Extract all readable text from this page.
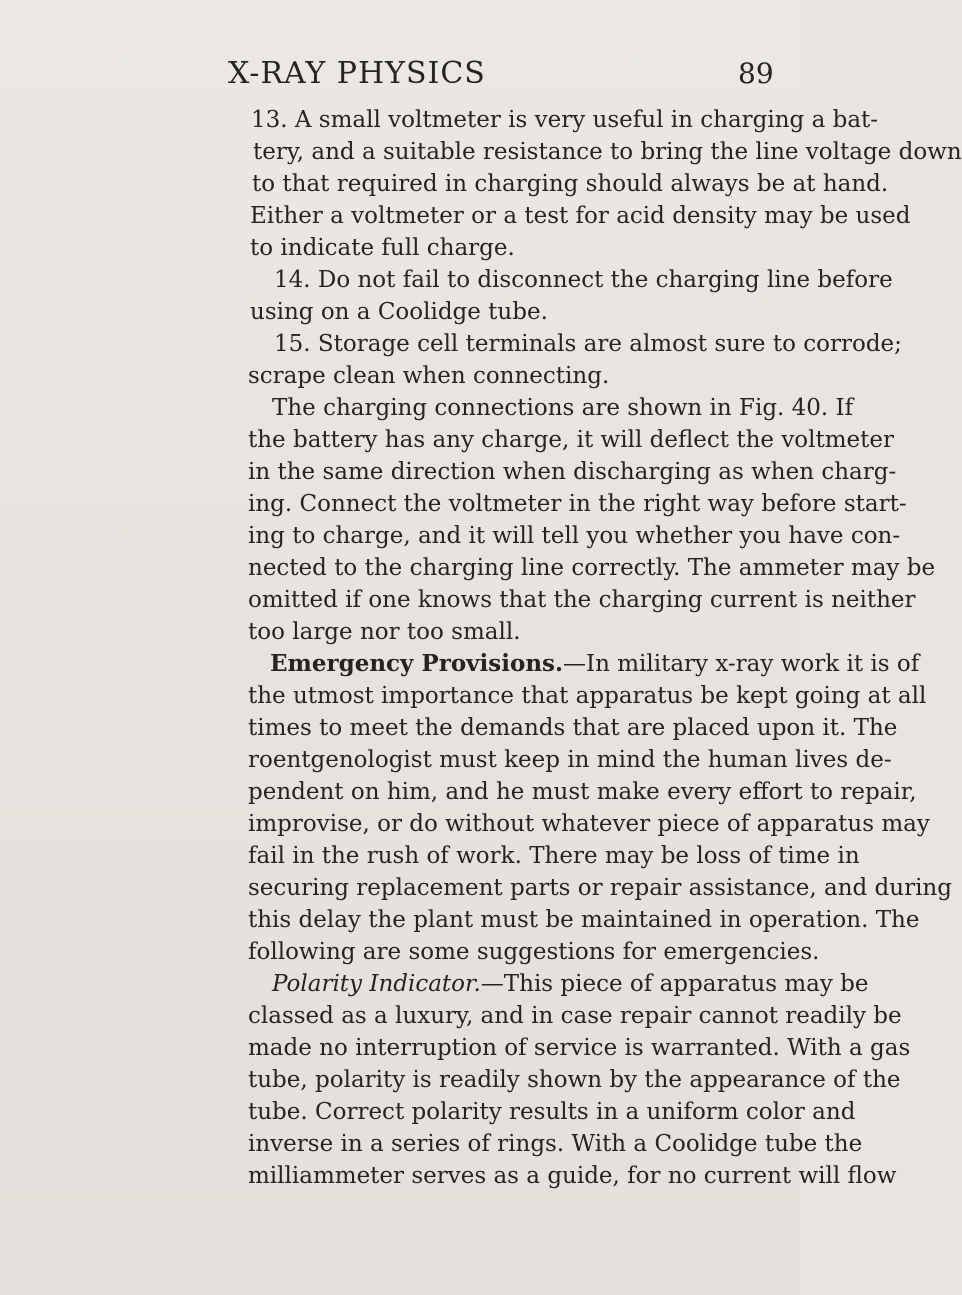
X-RAY PHYSICS	89
13. A small voltmeter is very useful in charging a bat-
tery, and a suitable resistance to bring the line voltage down
to that required in charging should always be at hand.
Either a voltmeter or a test for acid density may be used
to indicate full charge.
14. Do not fail to disconnect the charging line before
using on a Coolidge tube.
15. Storage cell terminals are almost sure to corrode;
scrape clean when connecting.
The charging connections are shown in Fig. 40. If
the battery has any charge, it will deflect the voltmeter
in the same direction when discharging as when charg-
ing. Connect the voltmeter in the right way before start-
ing to charge, and it will tell you whether you have con-
nected to the charging line correctly. The ammeter may be
omitted if one knows that the charging current is neither
too large nor too small.
Emergency Provisions.—In military x-ray work it is of
the utmost importance that apparatus be kept going at all
times to meet the demands that are placed upon it. The
roentgenologist must keep in mind the human lives de-
pendent on him, and he must make every effort to repair,
improvise, or do without whatever piece of apparatus may
fail in the rush of work. There may be loss of time in
securing replacement parts or repair assistance, and during
this delay the plant must be maintained in operation. The
following are some suggestions for emergencies.
Polarity Indicator.—This piece of apparatus may be
classed as a luxury, and in case repair cannot readily be
made no interruption of service is warranted. With a gas
tube, polarity is readily shown by the appearance of the
tube. Correct polarity results in a uniform color and
inverse in a series of rings. With a Coolidge tube the
milliammeter serves as a guide, for no current will flow
